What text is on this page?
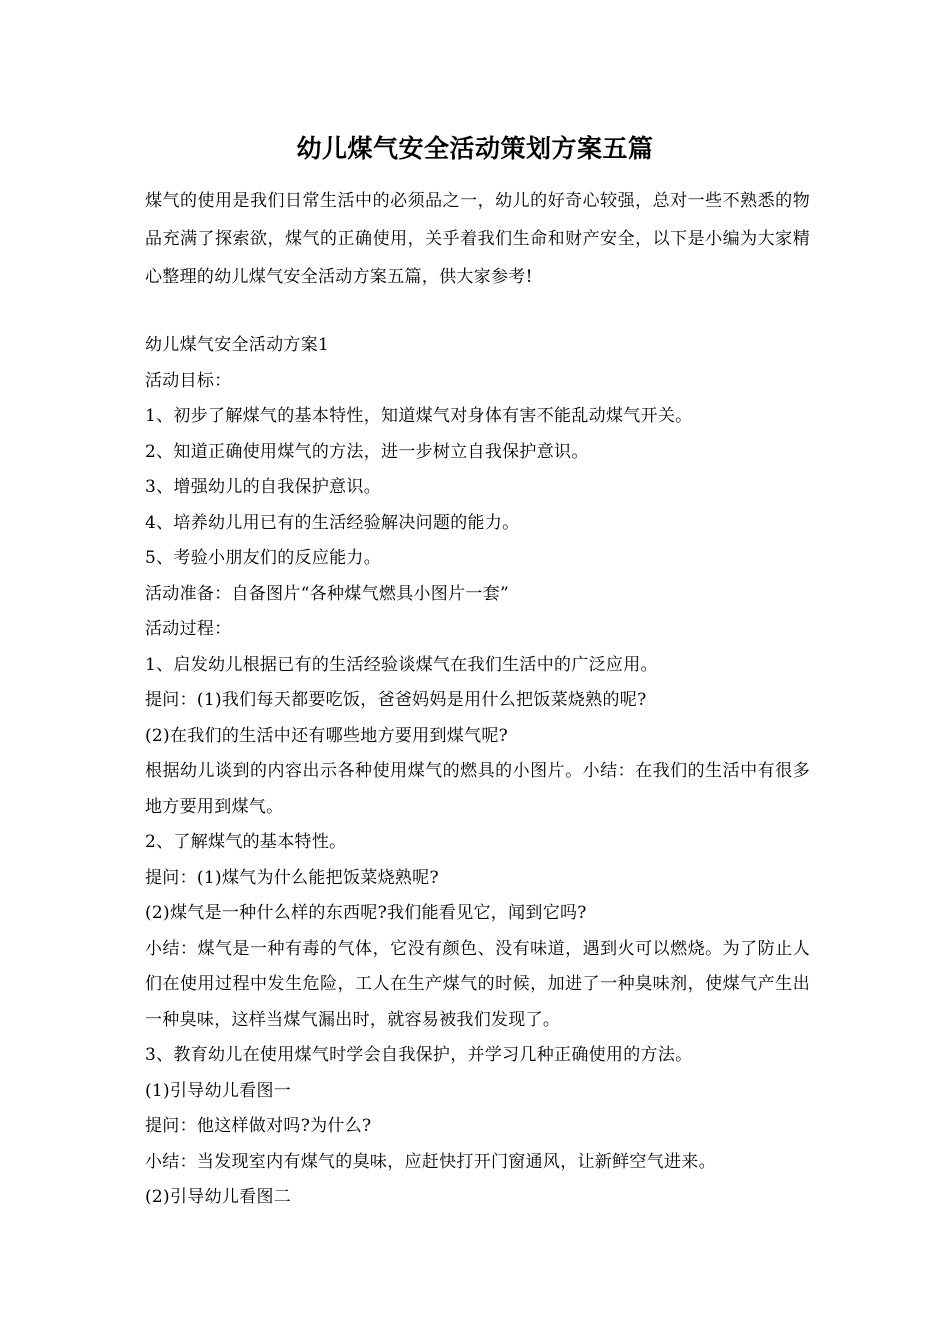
幼儿煤气安全活动策划方案五篇
煤气的使用是我们日常生活中的必须品之一，幼儿的好奇心较强，总对一些不熟悉的物品充满了探索欲，煤气的正确使用，关乎着我们生命和财产安全，以下是小编为大家精心整理的幼儿煤气安全活动方案五篇，供大家参考!

幼儿煤气安全活动方案1

活动目标：

1、初步了解煤气的基本特性，知道煤气对身体有害不能乱动煤气开关。

2、知道正确使用煤气的方法，进一步树立自我保护意识。

3、增强幼儿的自我保护意识。

4、培养幼儿用已有的生活经验解决问题的能力。

5、考验小朋友们的反应能力。

活动准备：自备图片“各种煤气燃具小图片一套”

活动过程：

1、启发幼儿根据已有的生活经验谈煤气在我们生活中的广泛应用。

提问：(1)我们每天都要吃饭，爸爸妈妈是用什么把饭菜烧熟的呢?

(2)在我们的生活中还有哪些地方要用到煤气呢?

根据幼儿谈到的内容出示各种使用煤气的燃具的小图片。小结：在我们的生活中有很多地方要用到煤气。

2、了解煤气的基本特性。

提问：(1)煤气为什么能把饭菜烧熟呢?

(2)煤气是一种什么样的东西呢?我们能看见它，闻到它吗?

小结：煤气是一种有毒的气体，它没有颜色、没有味道，遇到火可以燃烧。为了防止人们在使用过程中发生危险，工人在生产煤气的时候，加进了一种臭味剂，使煤气产生出一种臭味，这样当煤气漏出时，就容易被我们发现了。

3、教育幼儿在使用煤气时学会自我保护，并学习几种正确使用的方法。

(1)引导幼儿看图一

提问：他这样做对吗?为什么?

小结：当发现室内有煤气的臭味，应赶快打开门窗通风，让新鲜空气进来。

(2)引导幼儿看图二
